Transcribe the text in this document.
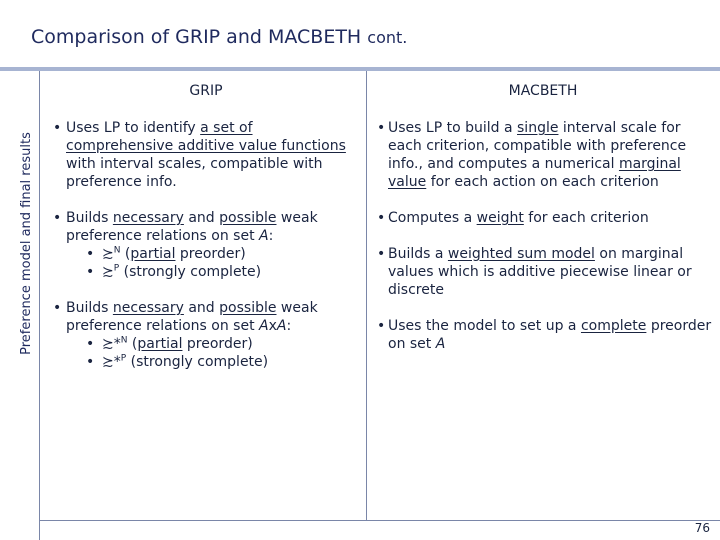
Comparison of GRIP and MACBETH cont.
Preference model and final results
GRIP
• Uses LP to identify a set of comprehensive additive value functions with interval scales, compatible with preference info.
• Builds necessary and possible weak preference relations on set A:
• ≿$^N$ (partial preorder)
• ≿$^P$ (strongly complete)
• Builds necessary and possible weak preference relations on set AxA:
• ≿*$^N$ (partial preorder)
• ≿*$^P$ (strongly complete)
MACBETH
• Uses LP to build a single interval scale for each criterion, compatible with preference info., and computes a numerical marginal value for each action on each criterion
• Computes a weight for each criterion
• Builds a weighted sum model on marginal values which is additive piecewise linear or discrete
• Uses the model to set up a complete preorder on set A
76
